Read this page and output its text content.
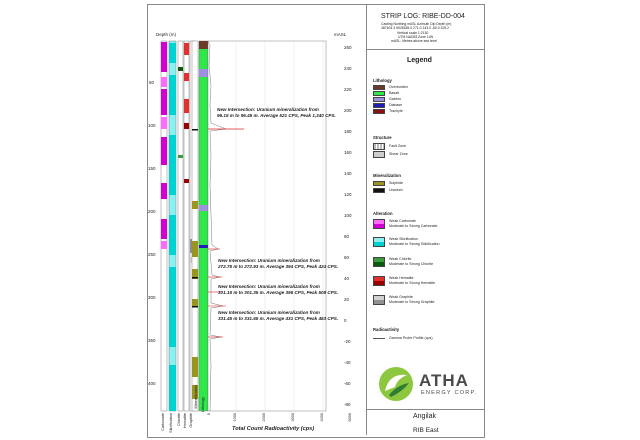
Depth (m)	mASL
50
100
150
200
250
300
350
400
260
240
220
200
180
160
140
120
100
80
60
40
20
0
-20
-40
-60
-80
0	1000	2000	3000	4000	5000
Carbonate Silicification Chlorite Hematite Graphite
Mineralization Lithology
Total Count Radioactivity (cps)
New Intersection: Uranium mineralization from
96.15 m to 96.45 m. Average 521 CPS, Peak 1,340 CPS.
New Intersection: Uranium mineralization from
272.75 m to 272.93 m. Average 394 CPS, Peak 424 CPS.
New Intersection: Uranium mineralization from
301.15 m to 301.35 m. Average 396 CPS, Peak 508 CPS.
New Intersection: Uranium mineralization from
331.45 m to 331.65 m. Average 431 CPS, Peak 463 CPS.
STRIP LOG: RIBE-DD-004
Casting Northing mASL Azimuth Dip Depth (m)
487404.3 6928185.0 271.0 143.0 -60.0 425.2
Vertical scale 1:2130
UTM NAD83 Zone 14N
mASL: Metres above sea level
Legend
Lithology
Overburden
Basalt
Gabbro
Diabase
Trachyte
Structure
Fault Zone
Shear Zone
Mineralization
Sulphide
Uranium
Alteration
Weak Carbonate
Moderate to Strong Carbonate
Weak Silicification
Moderate to Strong Silicification
Weak Chlorite
Moderate to Strong Chlorite
Weak Hematite
Moderate to Strong Hematite
Weak Graphite
Moderate to Strong Graphite
Radioactivity
Gamma Probe Profile (cps)
ATHA
ENERGY CORP.
Angilak
RIB East
